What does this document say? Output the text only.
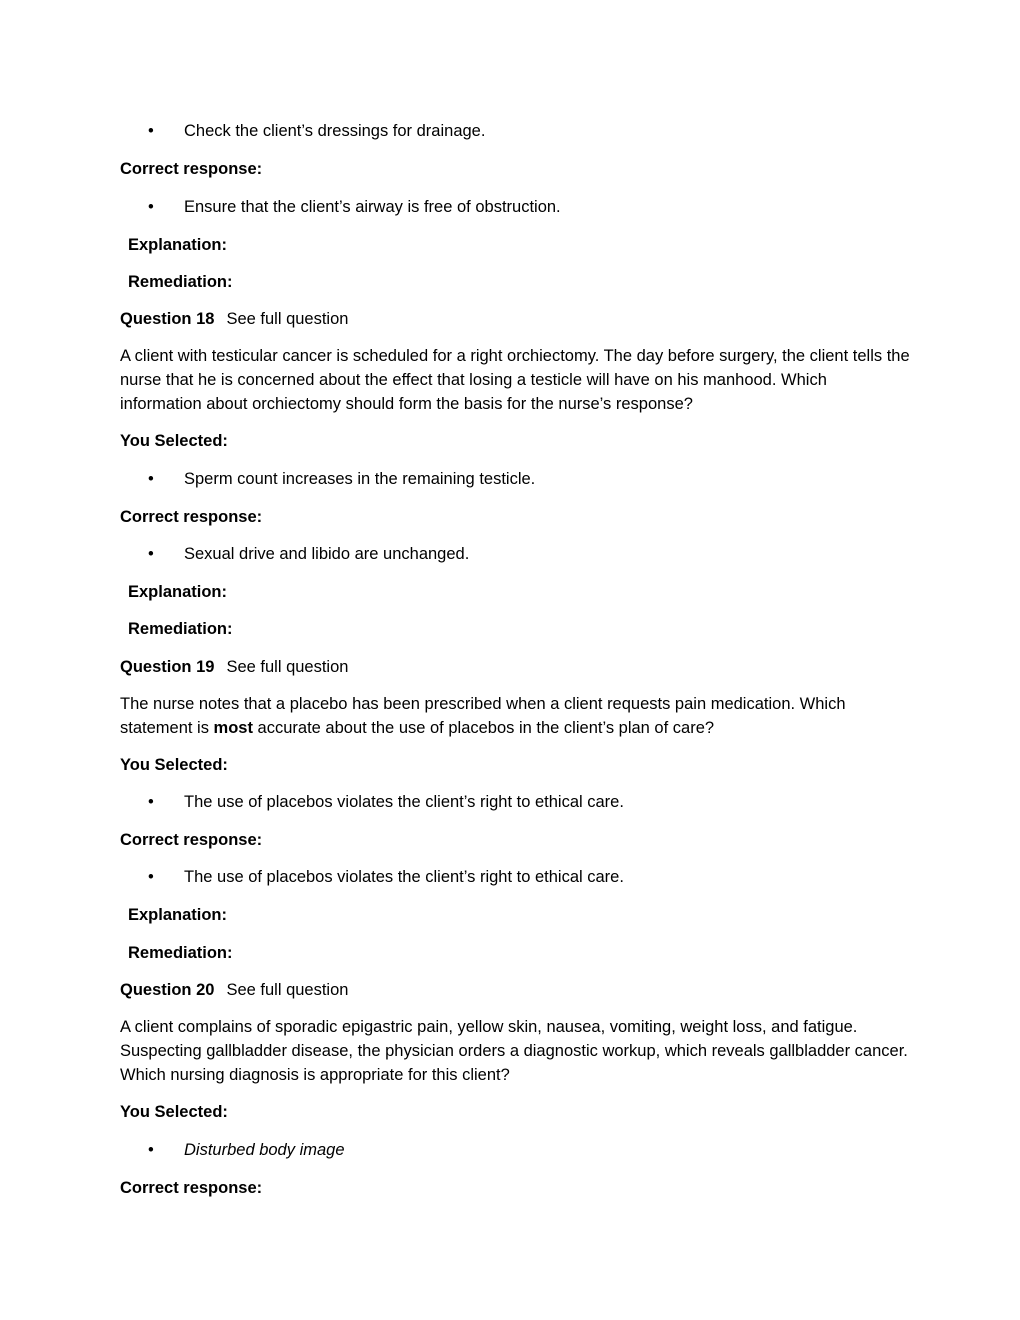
• Check the client’s dressings for drainage.
Correct response:
• Ensure that the client’s airway is free of obstruction.
Explanation:
Remediation:
Question 18 See full question
A client with testicular cancer is scheduled for a right orchiectomy. The day before surgery, the client tells the nurse that he is concerned about the effect that losing a testicle will have on his manhood. Which information about orchiectomy should form the basis for the nurse’s response?
You Selected:
• Sperm count increases in the remaining testicle.
Correct response:
• Sexual drive and libido are unchanged.
Explanation:
Remediation:
Question 19 See full question
The nurse notes that a placebo has been prescribed when a client requests pain medication. Which statement is most accurate about the use of placebos in the client’s plan of care?
You Selected:
• The use of placebos violates the client’s right to ethical care.
Correct response:
• The use of placebos violates the client’s right to ethical care.
Explanation:
Remediation:
Question 20 See full question
A client complains of sporadic epigastric pain, yellow skin, nausea, vomiting, weight loss, and fatigue. Suspecting gallbladder disease, the physician orders a diagnostic workup, which reveals gallbladder cancer. Which nursing diagnosis is appropriate for this client?
You Selected:
• Disturbed body image
Correct response:
